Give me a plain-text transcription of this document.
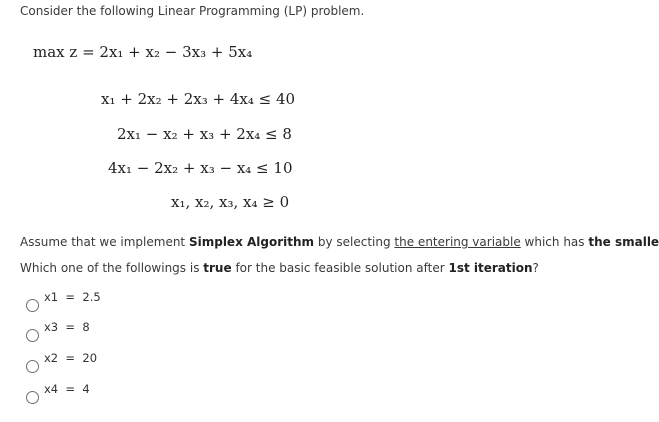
Consider the following Linear Programming (LP) problem.
max z = 2x₁ + x₂ − 3x₃ + 5x₄
x₁ + 2x₂ + 2x₃ + 4x₄ ≤ 40
2x₁ − x₂ + x₃ + 2x₄ ≤ 8
4x₁ − 2x₂ + x₃ − x₄ ≤ 10
x₁, x₂, x₃, x₄ ≥ 0
Assume that we implement Simplex Algorithm by selecting the entering variable which has the smalle
Which one of the followings is true for the basic feasible solution after 1st iteration?
x1  =  2.5
x3  =  8
x2  =  20
x4  =  4
